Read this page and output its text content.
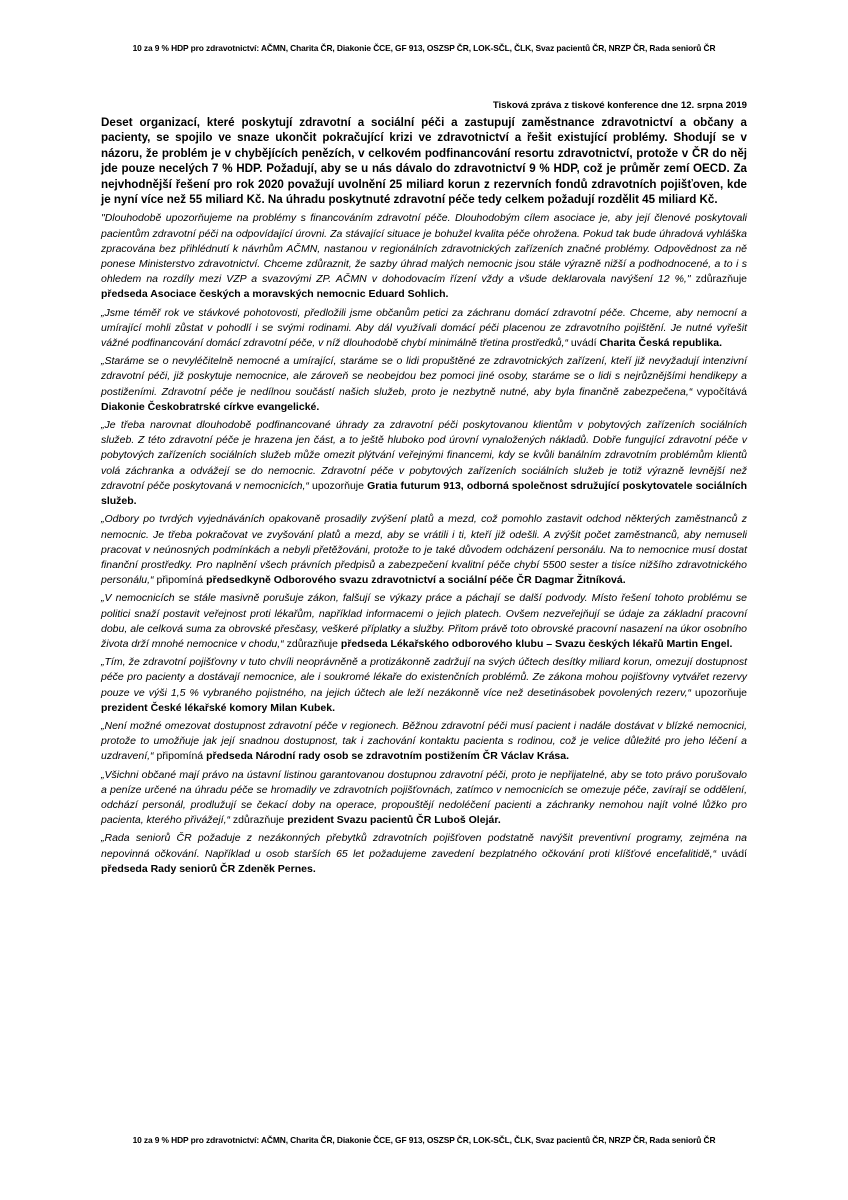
10 za 9 % HDP pro zdravotnictví: AČMN, Charita ČR, Diakonie ČCE, GF 913, OSZSP ČR, LOK-SČL, ČLK, Svaz pacientů ČR, NRZP ČR, Rada seniorů ČR
Tisková zpráva z tiskové konference dne 12. srpna 2019

Deset organizací, které poskytují zdravotní a sociální péči a zastupují zaměstnance zdravotnictví a občany a pacienty, se spojilo ve snaze ukončit pokračující krizi ve zdravotnictví a řešit existující problémy. Shodují se v názoru, že problém je v chybějících penězích, v celkovém podfinancování resortu zdravotnictví, protože v ČR do něj jde pouze necelých 7 % HDP. Požadují, aby se u nás dávalo do zdravotnictví 9 % HDP, což je průměr zemí OECD. Za nejvhodnější řešení pro rok 2020 považují uvolnění 25 miliard korun z rezervních fondů zdravotních pojišťoven, kde je nyní více než 55 miliard Kč. Na úhradu poskytnuté zdravotní péče tedy celkem požadují rozdělit 45 miliard Kč.

"Dlouhodobě upozorňujeme na problémy s financováním zdravotní péče. Dlouhodobým cílem asociace je, aby její členové poskytovali pacientům zdravotní péči na odpovídající úrovni. Za stávající situace je bohužel kvalita péče ohrožena. Pokud tak bude úhradová vyhláška zpracována bez přihlédnutí k návrhům AČMN, nastanou v regionálních zdravotnických zařízeních značné problémy. Odpovědnost za ně ponese Ministerstvo zdravotnictví. Chceme zdůraznit, že sazby úhrad malých nemocnic jsou stále výrazně nižší a podhodnocené, a to i s ohledem na rozdíly mezi VZP a svazovými ZP. AČMN v dohodovacím řízení vždy a všude deklarovala navýšení 12 %," zdůrazňuje předseda Asociace českých a moravských nemocnic Eduard Sohlich.

„Jsme téměř rok ve stávkové pohotovosti, předložili jsme občanům petici za záchranu domácí zdravotní péče. Chceme, aby nemocní a umírající mohli zůstat v pohodlí i se svými rodinami. Aby dál využívali domácí péči placenou ze zdravotního pojištění. Je nutné vyřešit vážné podfinancování domácí zdravotní péče, v níž dlouhodobě chybí minimálně třetina prostředků,“ uvádí Charita Česká republika.

„Staráme se o nevyléčitelně nemocné a umírající, staráme se o lidi propuštěné ze zdravotnických zařízení, kteří již nevyžadují intenzivní zdravotní péči, již poskytuje nemocnice, ale zároveň se neobejdou bez pomoci jiné osoby, staráme se o lidi s nejrůznějšími hendikepy a postiženími. Zdravotní péče je nedílnou součástí našich služeb, proto je nezbytně nutné, aby byla finančně zabezpečena,“ vypočítává Diakonie Českobratrské církve evangelické.

„Je třeba narovnat dlouhodobě podfinancované úhrady za zdravotní péči poskytovanou klientům v pobytových zařízeních sociálních služeb. Z této zdravotní péče je hrazena jen část, a to ještě hluboko pod úrovní vynaložených nákladů. Dobře fungující zdravotní péče v pobytových zařízeních sociálních služeb může omezit plýtvání veřejnými financemi, kdy se kvůli banálním zdravotním problémům klientů volá záchranka a odvážejí se do nemocnic. Zdravotní péče v pobytových zařízeních sociálních služeb je totiž výrazně levnější než zdravotní péče poskytovaná v nemocnicích,“ upozorňuje Gratia futurum 913, odborná společnost sdružující poskytovatele sociálních služeb.

„Odbory po tvrdých vyjednáváních opakovaně prosadily zvýšení platů a mezd, což pomohlo zastavit odchod některých zaměstnanců z nemocnic. Je třeba pokračovat ve zvyšování platů a mezd, aby se vrátili i ti, kteří již odešli. A zvýšit počet zaměstnanců, aby nemuseli pracovat v neúnosných podmínkách a nebyli přetěžováni, protože to je také důvodem odcházení personálu. Na to nemocnice musí dostat finanční prostředky. Pro naplnění všech právních předpisů a zabezpečení kvalitní péče chybí 5500 sester a tisíce nižšího zdravotnického personálu,“ připomíná předsedkyně Odborového svazu zdravotnictví a sociální péče ČR Dagmar Žitníková.

„V nemocnicích se stále masivně porušuje zákon, falšují se výkazy práce a páchají se další podvody. Místo řešení tohoto problému se politici snaží postavit veřejnost proti lékařům, například informacemi o jejich platech. Ovšem nezveřejňují se údaje za základní pracovní dobu, ale celková suma za obrovské přesčasy, veškeré příplatky a služby. Přitom právě toto obrovské pracovní nasazení na úkor osobního života drží mnohé nemocnice v chodu,“ zdůrazňuje předseda Lékařského odborového klubu – Svazu českých lékařů Martin Engel.

„Tím, že zdravotní pojišťovny v tuto chvíli neoprávněně a protizákonně zadržují na svých účtech desítky miliard korun, omezují dostupnost péče pro pacienty a dostávají nemocnice, ale i soukromé lékaře do existenčních problémů. Ze zákona mohou pojišťovny vytvářet rezervy pouze ve výši 1,5 % vybraného pojistného, na jejich účtech ale leží nezákonně více než desetinásobek povolených rezerv,“ upozorňuje prezident České lékařské komory Milan Kubek.

„Není možné omezovat dostupnost zdravotní péče v regionech. Běžnou zdravotní péči musí pacient i nadále dostávat v blízké nemocnici, protože to umožňuje jak její snadnou dostupnost, tak i zachování kontaktu pacienta s rodinou, což je velice důležité pro jeho léčení a uzdravení,“ připomíná předseda Národní rady osob se zdravotním postižením ČR Václav Krása.

„Všichni občané mají právo na ústavní listinou garantovanou dostupnou zdravotní péči, proto je nepřijatelné, aby se toto právo porušovalo a peníze určené na úhradu péče se hromadily ve zdravotních pojišťovnách, zatímco v nemocnicích se omezuje péče, zavírají se oddělení, odchází personál, prodlužují se čekací doby na operace, propouštějí nedoléčení pacienti a záchranky nemohou najít volné lůžko pro pacienta, kterého přivážejí,“ zdůrazňuje prezident Svazu pacientů ČR Luboš Olejár.

„Rada seniorů ČR požaduje z nezákonných přebytků zdravotních pojišťoven podstatně navýšit preventivní programy, zejména na nepovinná očkování. Například u osob starších 65 let požadujeme zavedení bezplatného očkování proti klíšťové encefalitidě,“ uvádí předseda Rady seniorů ČR Zdeněk Pernes.

10 za 9 % HDP pro zdravotnictví: AČMN, Charita ČR, Diakonie ČCE, GF 913, OSZSP ČR, LOK-SČL, ČLK, Svaz pacientů ČR, NRZP ČR, Rada seniorů ČR
